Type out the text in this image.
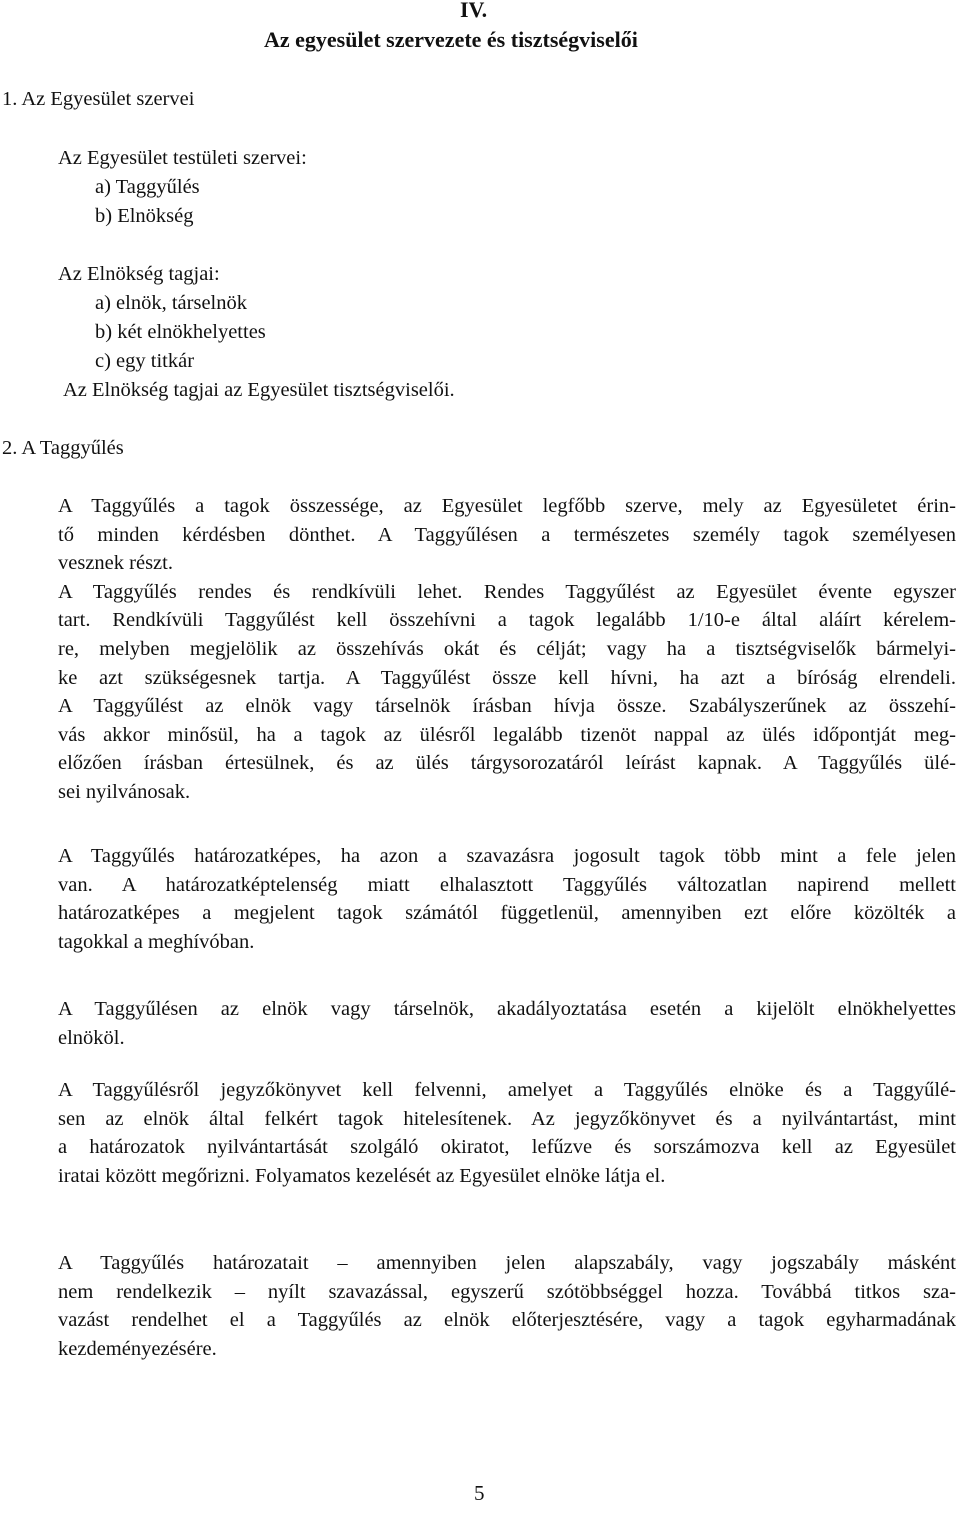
IV.
Az egyesület szervezete és tisztségviselői
1. Az Egyesület szervei
Az Egyesület testületi szervei:
a) Taggyűlés
b) Elnökség
Az Elnökség tagjai:
a) elnök, társelnök
b) két elnökhelyettes
c) egy titkár
Az Elnökség tagjai az Egyesület tisztségviselői.
2. A Taggyűlés
A Taggyűlés a tagok összessége, az Egyesület legfőbb szerve, mely az Egyesületet érin-
tő minden kérdésben dönthet. A Taggyűlésen a természetes személy tagok személyesen
vesznek részt.
A Taggyűlés rendes és rendkívüli lehet. Rendes Taggyűlést az Egyesület évente egyszer
tart. Rendkívüli Taggyűlést kell összehívni a tagok legalább 1/10-e által aláírt kérelem-
re, melyben megjelölik az összehívás okát és célját; vagy ha a tisztségviselők bármelyi-
ke azt szükségesnek tartja. A Taggyűlést össze kell hívni, ha azt a bíróság elrendeli.
A Taggyűlést az elnök vagy társelnök írásban hívja össze. Szabályszerűnek az összehí-
vás akkor minősül, ha a tagok az ülésről legalább tizenöt nappal az ülés időpontját meg-
előzően írásban értesülnek, és az ülés tárgysorozatáról leírást kapnak. A Taggyűlés ülé-
sei nyilvánosak.
A Taggyűlés határozatképes, ha azon a szavazásra jogosult tagok több mint a fele jelen
van. A határozatképtelenség miatt elhalasztott Taggyűlés változatlan napirend mellett
határozatképes a megjelent tagok számától függetlenül, amennyiben ezt előre közölték a
tagokkal a meghívóban.
A Taggyűlésen az elnök vagy társelnök, akadályoztatása esetén a kijelölt elnökhelyettes
elnököl.
A Taggyűlésről jegyzőkönyvet kell felvenni, amelyet a Taggyűlés elnöke és a Taggyűlé-
sen az elnök által felkért tagok hitelesítenek. Az jegyzőkönyvet és a nyilvántartást, mint
a határozatok nyilvántartását szolgáló okiratot, lefűzve és sorszámozva kell az Egyesület
iratai között megőrizni. Folyamatos kezelését az Egyesület elnöke látja el.
A Taggyűlés határozatait – amennyiben jelen alapszabály, vagy jogszabály másként
nem rendelkezik – nyílt szavazással, egyszerű szótöbbséggel hozza. Továbbá titkos sza-
vazást rendelhet el a Taggyűlés az elnök előterjesztésére, vagy a tagok egyharmadának
kezdeményezésére.
5
